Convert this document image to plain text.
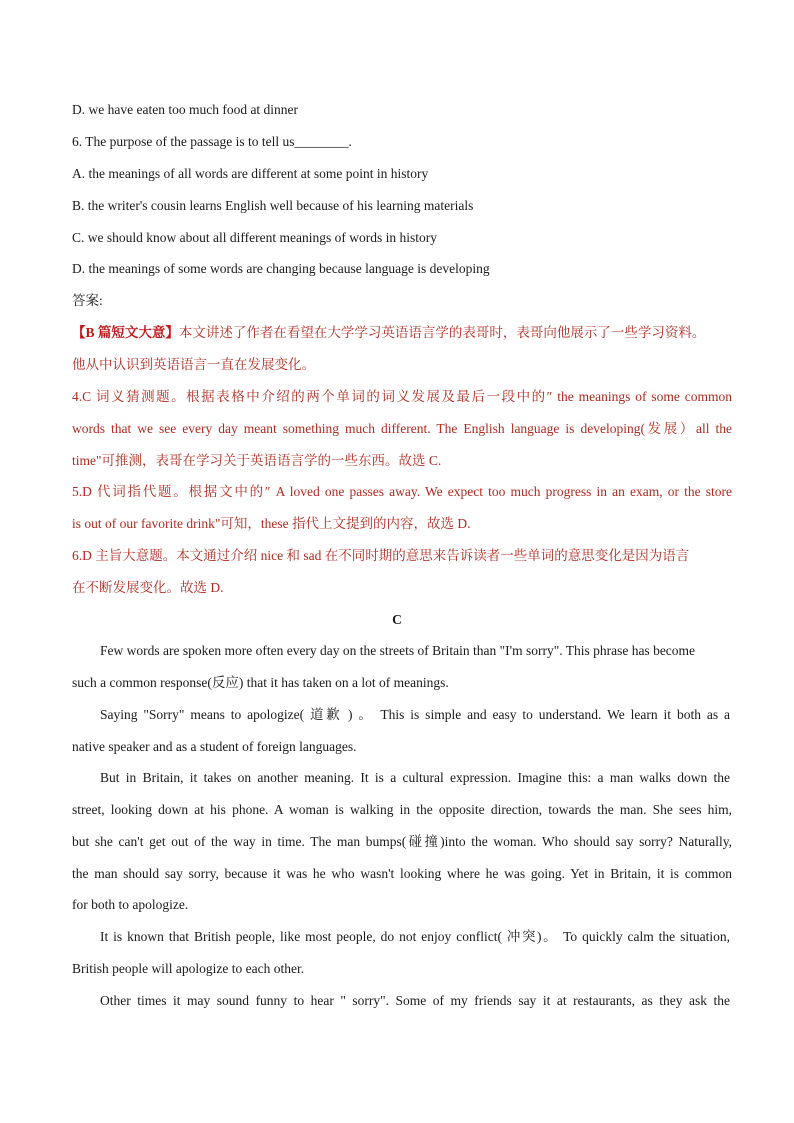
D. we have eaten too much food at dinner
6. The purpose of the passage is to tell us________.
A. the meanings of all words are different at some point in history
B. the writer's cousin learns English well because of his learning materials
C. we should know about all different meanings of words in history
D. the meanings of some words are changing because language is developing
答案:
【B 篇短文大意】本文讲述了作者在看望在大学学习英语语言学的表哥时，表哥向他展示了一些学习资料。
他从中认识到英语语言一直在发展变化。
4.C 词义猜测题。根据表格中介绍的两个单词的词义发展及最后一段中的″ the meanings of some common
words that we see every day meant something much different. The English language is developing(发展）all the
time"可推测，表哥在学习关于英语语言学的一些东西。故选 C.
5.D 代词指代题。根据文中的″ A loved one passes away. We expect too much progress in an exam, or the store
is out of our favorite drink"可知，these 指代上文提到的内容，故选 D.
6.D 主旨大意题。本文通过介绍 nice 和 sad 在不同时期的意思来告诉读者一些单词的意思变化是因为语言
在不断发展变化。故选 D.
C
Few words are spoken more often every day on the streets of Britain than "I'm sorry". This phrase has become
such a common response(反应) that it has taken on a lot of meanings.
Saying "Sorry" means to apologize( 道歉 ) 。 This is simple and easy to understand. We learn it both as a
native speaker and as a student of foreign languages.
But in Britain, it takes on another meaning. It is a cultural expression. Imagine this: a man walks down the
street, looking down at his phone. A woman is walking in the opposite direction, towards the man. She sees him,
but she can't get out of the way in time. The man bumps(碰撞)into the woman. Who should say sorry? Naturally,
the man should say sorry, because it was he who wasn't looking where he was going. Yet in Britain, it is common
for both to apologize.
It is known that British people, like most people, do not enjoy conflict( 冲突)。 To quickly calm the situation,
British people will apologize to each other.
Other times it may sound funny to hear " sorry". Some of my friends say it at restaurants, as they ask the
